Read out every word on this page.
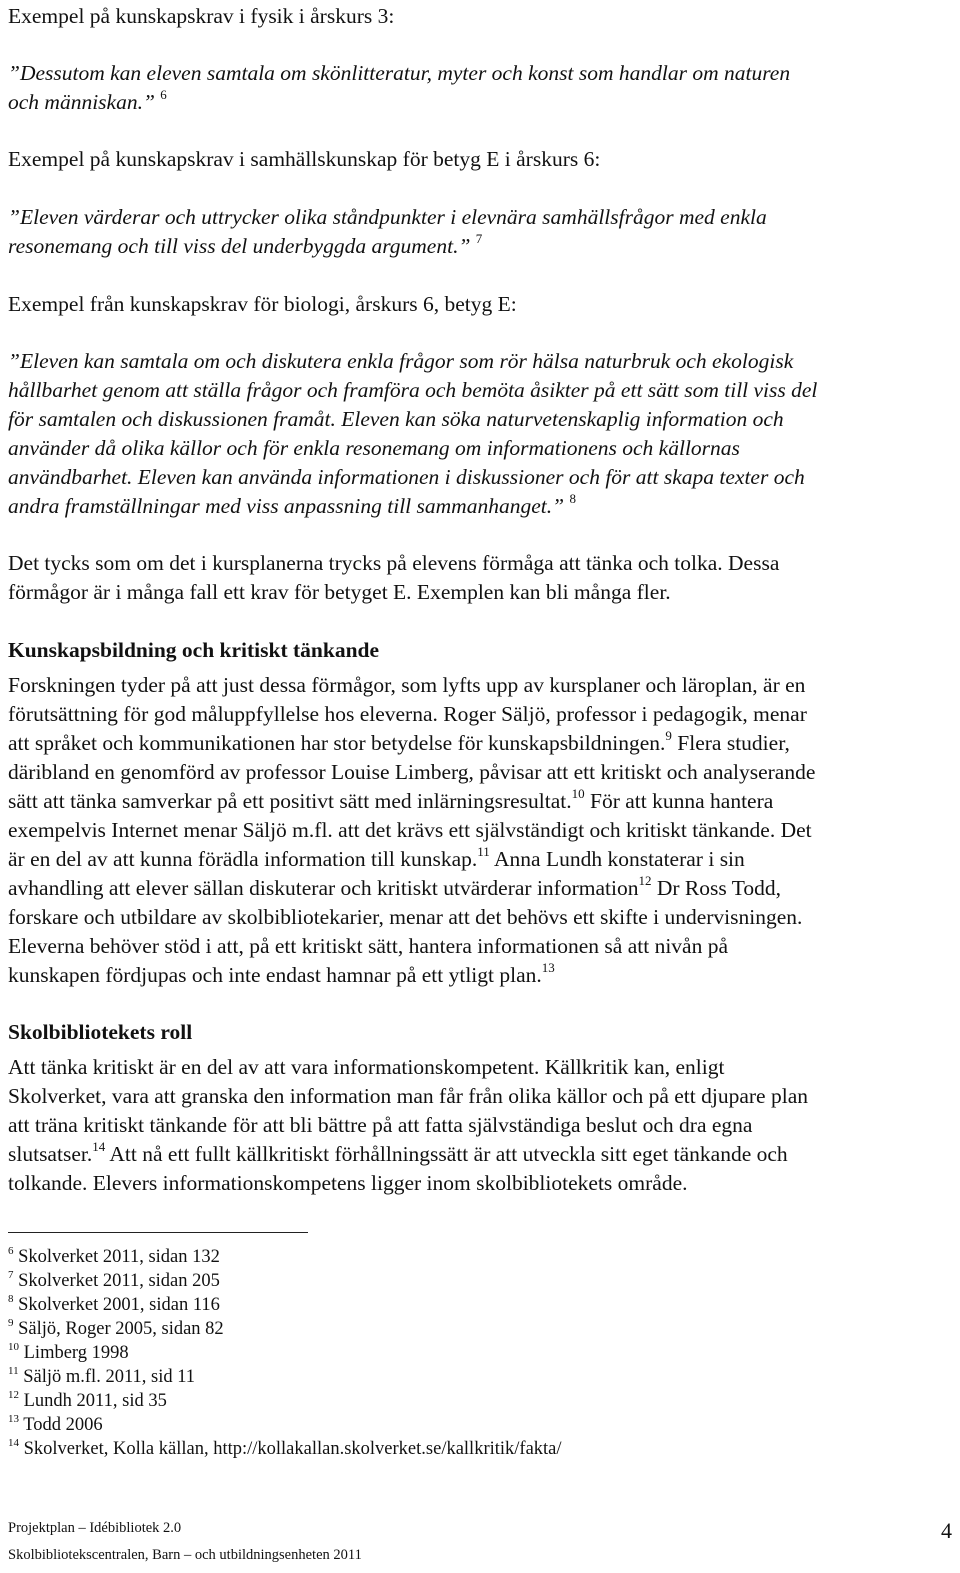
Exempel på kunskapskrav i fysik i årskurs 3:
”Dessutom kan eleven samtala om skönlitteratur, myter och konst som handlar om naturen
och människan.” $^6$
Exempel på kunskapskrav i samhällskunskap för betyg E i årskurs 6:
”Eleven värderar och uttrycker olika ståndpunkter i elevnära samhällsfrågor med enkla
resonemang och till viss del underbyggda argument.” $^7$
Exempel från kunskapskrav för biologi, årskurs 6, betyg E:
”Eleven kan samtala om och diskutera enkla frågor som rör hälsa naturbruk och ekologisk
hållbarhet genom att ställa frågor och framföra och bemöta åsikter på ett sätt som till viss del
för samtalen och diskussionen framåt. Eleven kan söka naturvetenskaplig information och
använder då olika källor och för enkla resonemang om informationens och källornas
användbarhet. Eleven kan använda informationen i diskussioner och för att skapa texter och
andra framställningar med viss anpassning till sammanhanget.” $^8$
Det tycks som om det i kursplanerna trycks på elevens förmåga att tänka och tolka. Dessa
förmågor är i många fall ett krav för betyget E. Exemplen kan bli många fler.
Kunskapsbildning och kritiskt tänkande
Forskningen tyder på att just dessa förmågor, som lyfts upp av kursplaner och läroplan, är en
förutsättning för god måluppfyllelse hos eleverna. Roger Säljö, professor i pedagogik, menar
att språket och kommunikationen har stor betydelse för kunskapsbildningen.$^9$ Flera studier,
däribland en genomförd av professor Louise Limberg, påvisar att ett kritiskt och analyserande
sätt att tänka samverkar på ett positivt sätt med inlärningsresultat.$^{10}$ För att kunna hantera
exempelvis Internet menar Säljö m.fl. att det krävs ett självständigt och kritiskt tänkande. Det
är en del av att kunna förädla information till kunskap.$^{11}$ Anna Lundh konstaterar i sin
avhandling att elever sällan diskuterar och kritiskt utvärderar information$^{12}$ Dr Ross Todd,
forskare och utbildare av skolbibliotekarier, menar att det behövs ett skifte i undervisningen.
Eleverna behöver stöd i att, på ett kritiskt sätt, hantera informationen så att nivån på
kunskapen fördjupas och inte endast hamnar på ett ytligt plan.$^{13}$
Skolbibliotekets roll
Att tänka kritiskt är en del av att vara informationskompetent. Källkritik kan, enligt
Skolverket, vara att granska den information man får från olika källor och på ett djupare plan
att träna kritiskt tänkande för att bli bättre på att fatta självständiga beslut och dra egna
slutsatser.$^{14}$ Att nå ett fullt källkritiskt förhållningssätt är att utveckla sitt eget tänkande och
tolkande. Elevers informationskompetens ligger inom skolbibliotekets område.
$^6$ Skolverket 2011, sidan 132
$^7$ Skolverket 2011, sidan 205
$^8$ Skolverket 2001, sidan 116
$^9$ Säljö, Roger 2005, sidan 82
$^{10}$ Limberg 1998
$^{11}$ Säljö m.fl. 2011, sid 11
$^{12}$ Lundh 2011, sid 35
$^{13}$ Todd 2006
$^{14}$ Skolverket, Kolla källan, http://kollakallan.skolverket.se/kallkritik/fakta/
Projektplan – Idébibliotek 2.0
Skolbibliotekscentralen, Barn – och utbildningsenheten 2011
4
